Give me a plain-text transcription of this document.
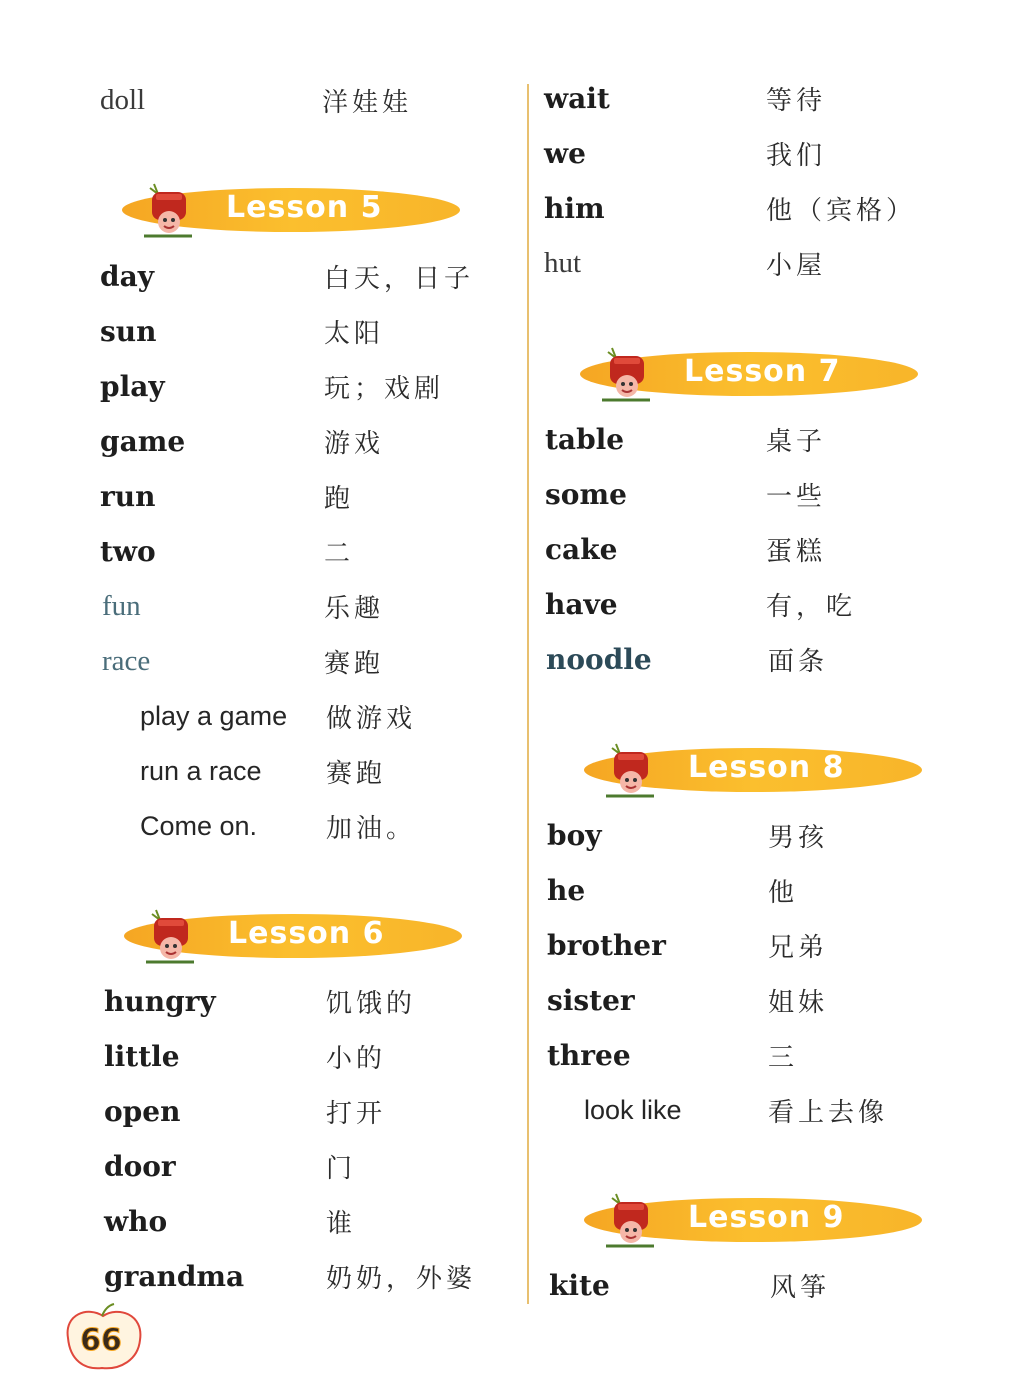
doll	洋娃娃
Lesson 5
day	白天，日子
sun	太阳
play	玩；戏剧
game	游戏
run	跑
two	二
fun	乐趣
race	赛跑
play a game 做游戏
run a race 赛跑
Come on.	加油。
Lesson 6
hungry	饥饿的
little	小的
open	打开
door	门
who	谁
grandma	奶奶，外婆
wait	等待
we	我们
him	他（宾格）
hut	小屋
Lesson 7
table	桌子
some	一些
cake	蛋糕
have	有，吃
noodle	面条
Lesson 8
boy	男孩
he	他
brother	兄弟
sister	姐妹
three	三
look like	看上去像
Lesson 9
kite	风筝
66
